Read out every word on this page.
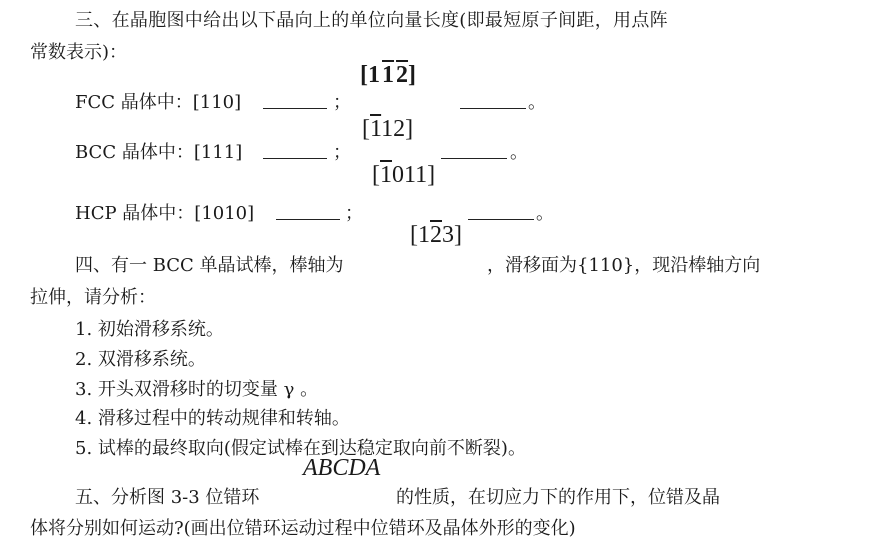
三、在晶胞图中给出以下晶向上的单位向量长度(即最短原子间距，用点阵
常数表示)：
FCC 晶体中：[110]	；
[1 1 2]
。
BCC 晶体中：[111]	；
[112]
。
[1011]
HCP 晶体中：[1010]	；	。
[123]
四、有一 BCC 单晶试棒，棒轴为	，滑移面为{110}，现沿棒轴方向
拉伸，请分析：
1. 初始滑移系统。
2. 双滑移系统。
3. 开头双滑移时的切变量 γ 。
4. 滑移过程中的转动规律和转轴。
5. 试棒的最终取向(假定试棒在到达稳定取向前不断裂)。
五、分析图 3-3 位错环
ABCDA
的性质，在切应力下的作用下，位错及晶
体将分别如何运动?(画出位错环运动过程中位错环及晶体外形的变化)
